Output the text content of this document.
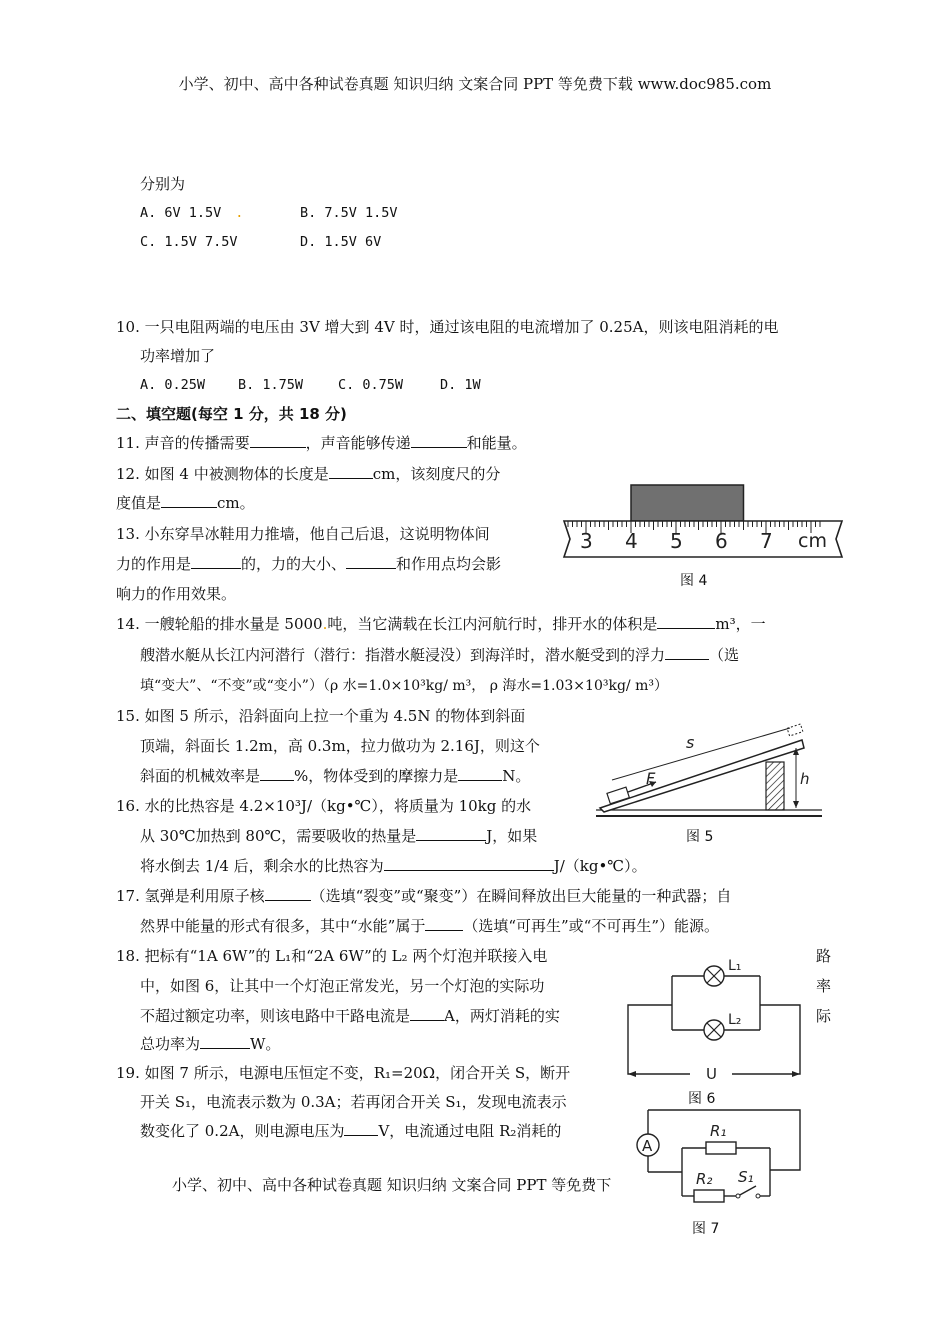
小学、初中、高中各种试卷真题 知识归纳 文案合同 PPT 等免费下载 www.doc985.com
分别为
A. 6V 1.5V .	B. 7.5V 1.5V
C. 1.5V 7.5V	D. 1.5V 6V
10. 一只电阻两端的电压由 3V 增大到 4V 时，通过该电阻的电流增加了 0.25A，则该电阻消耗的电
功率增加了
A. 0.25W B. 1.75W	C. 0.75W	D. 1W
二、填空题(每空 1 分，共 18 分)
11. 声音的传播需要	，声音能够传递	和能量。
12. 如图 4 中被测物体的长度是	cm，该刻度尺的分
度值是	cm。
13. 小东穿旱冰鞋用力推墙，他自己后退，这说明物体间
力的作用是	的，力的大小、	和作用点均会影
响力的作用效果。
3 4 5 6 7 cm
图 4
14. 一艘轮船的排水量是 5000.吨，当它满载在长江内河航行时，排开水的体积是	m³，一
艘潜水艇从长江内河潜行（潜行：指潜水艇浸没）到海洋时，潜水艇受到的浮力	（选
填“变大”、“不变”或“变小”）（ρ 水=1.0×10³kg/ m³， ρ 海水=1.03×10³kg/ m³）
15. 如图 5 所示，沿斜面向上拉一个重为 4.5N 的物体到斜面
顶端，斜面长 1.2m，高 0.3m，拉力做功为 2.16J，则这个
斜面的机械效率是 %，物体受到的摩擦力是	N。	F
s
h
图 5
16. 水的比热容是 4.2×10³J/（kg•℃），将质量为 10kg 的水
从 30℃加热到 80℃，需要吸收的热量是	J，如果
将水倒去 1/4 后，剩余水的比热容为	J/（kg•℃）。
17. 氢弹是利用原子核	（选填“裂变”或“聚变”）在瞬间释放出巨大能量的一种武器；自
然界中能量的形式有很多，其中“水能”属于	（选填“可再生”或“不可再生”）能源。
18. 把标有“1A 6W”的 L₁和“2A 6W”的 L₂ 两个灯泡并联接入电	路
中，如图 6，让其中一个灯泡正常发光，另一个灯泡的实际功	率
不超过额定功率，则该电路中干路电流是 A，两灯消耗的实	际
总功率为	W。
L₁
L₂
U
图 6
19. 如图 7 所示，电源电压恒定不变，R₁=20Ω，闭合开关 S，断开
开关 S₁，电流表示数为 0.3A；若再闭合开关 S₁，发现电流表示
数变化了 0.2A，则电源电压为 V，电流通过电阻 R₂消耗的
A
R₁
R₂ S₁
图 7
小学、初中、高中各种试卷真题 知识归纳 文案合同 PPT 等免费下
